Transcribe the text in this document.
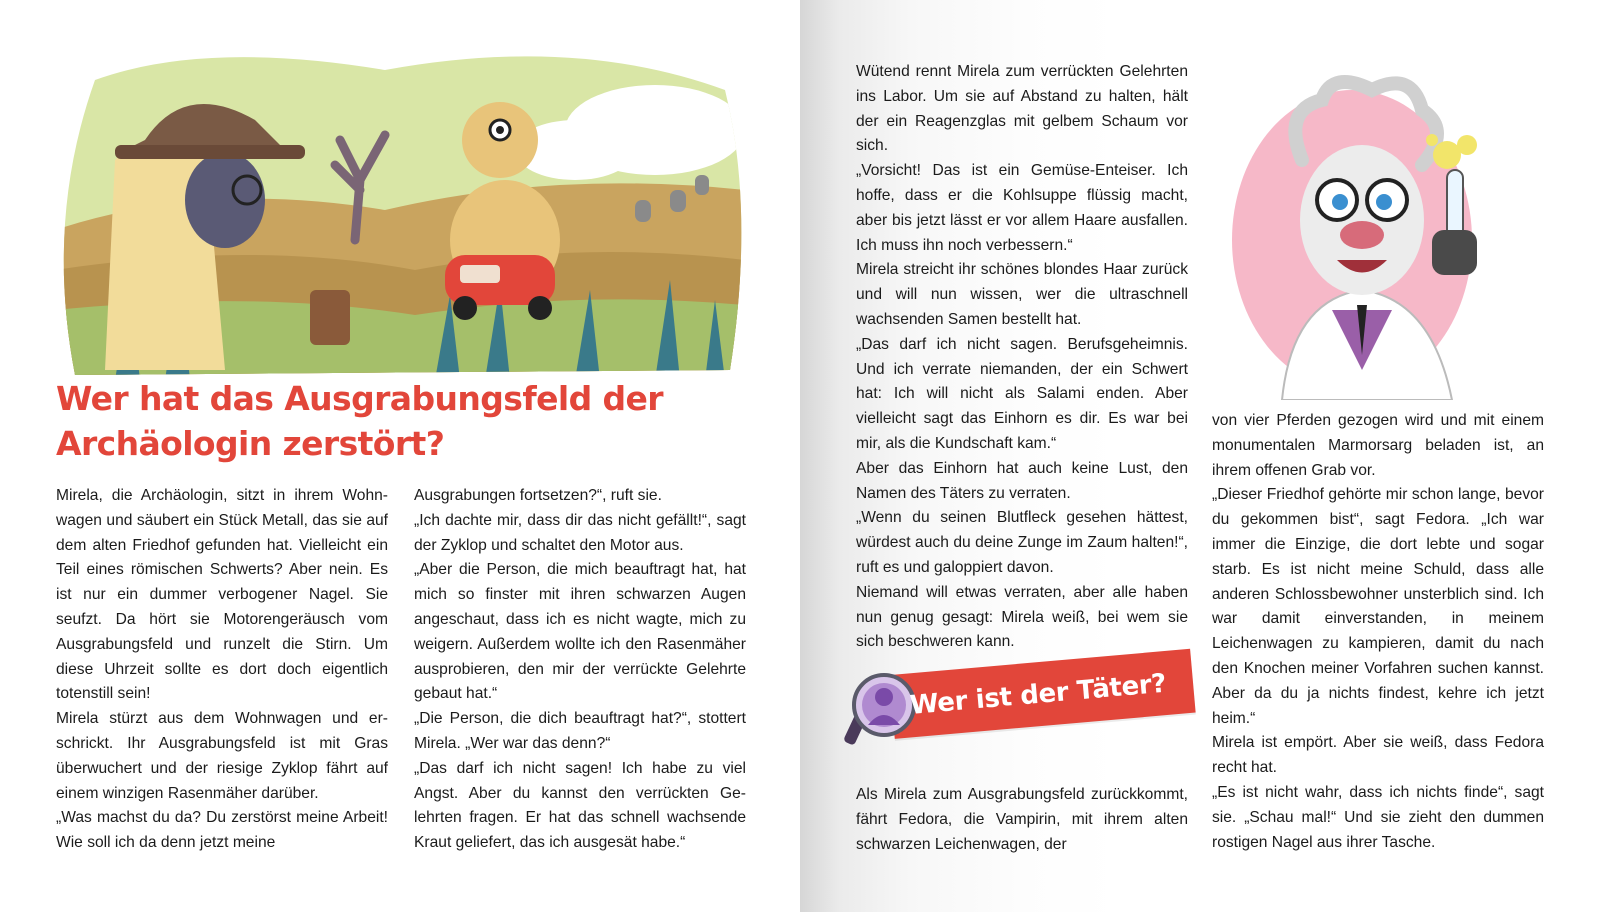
Wer hat das Ausgrabungsfeld der
Archäologin zerstört?

Mirela, die Archäologin, sitzt in ihrem Wohnwagen und säubert ein Stück Metall, das sie auf dem alten Friedhof gefunden hat. Vielleicht ein Teil eines römischen Schwerts? Aber nein. Es ist nur ein dummer verbogener Nagel. Sie seufzt. Da hört sie Motorengeräusch vom Ausgrabungsfeld und runzelt die Stirn. Um diese Uhrzeit sollte es dort doch eigentlich totenstill sein!

Mirela stürzt aus dem Wohnwagen und erschrickt. Ihr Ausgrabungsfeld ist mit Gras überwuchert und der riesige Zyklop fährt auf einem winzigen Rasenmäher darüber.

„Was machst du da? Du zerstörst meine Arbeit! Wie soll ich da denn jetzt meine

Ausgrabungen fortsetzen?“, ruft sie.

„Ich dachte mir, dass dir das nicht gefällt!“, sagt der Zyklop und schaltet den Motor aus.

„Aber die Person, die mich beauftragt hat, hat mich so finster mit ihren schwarzen Augen angeschaut, dass ich es nicht wagte, mich zu weigern. Außerdem wollte ich den Rasenmäher ausprobieren, den mir der verrückte Gelehrte gebaut hat.“

„Die Person, die dich beauftragt hat?“, stottert Mirela. „Wer war das denn?“

„Das darf ich nicht sagen! Ich habe zu viel Angst. Aber du kannst den verrückten Gelehrten fragen. Er hat das schnell wachsende Kraut geliefert, das ich ausgesät habe.“

Wütend rennt Mirela zum verrückten Gelehrten ins Labor. Um sie auf Abstand zu halten, hält der ein Reagenzglas mit gelbem Schaum vor sich.

„Vorsicht! Das ist ein Gemüse-Enteiser. Ich hoffe, dass er die Kohlsuppe flüssig macht, aber bis jetzt lässt er vor allem Haare ausfallen. Ich muss ihn noch verbessern.“

Mirela streicht ihr schönes blondes Haar zurück und will nun wissen, wer die ultraschnell wachsenden Samen bestellt hat.

„Das darf ich nicht sagen. Berufsgeheimnis. Und ich verrate niemanden, der ein Schwert hat: Ich will nicht als Salami enden. Aber vielleicht sagt das Einhorn es dir. Es war bei mir, als die Kundschaft kam.“

Aber das Einhorn hat auch keine Lust, den Namen des Täters zu verraten.

„Wenn du seinen Blutfleck gesehen hättest, würdest auch du deine Zunge im Zaum halten!“, ruft es und galoppiert davon.

Niemand will etwas verraten, aber alle haben nun genug gesagt: Mirela weiß, bei wem sie sich beschweren kann.

Wer ist der Täter?

Als Mirela zum Ausgrabungsfeld zurückkommt, fährt Fedora, die Vampirin, mit ihrem alten schwarzen Leichenwagen, der

von vier Pferden gezogen wird und mit einem monumentalen Marmorsarg beladen ist, an ihrem offenen Grab vor.

„Dieser Friedhof gehörte mir schon lange, bevor du gekommen bist“, sagt Fedora. „Ich war immer die Einzige, die dort lebte und sogar starb. Es ist nicht meine Schuld, dass alle anderen Schlossbewohner unsterblich sind. Ich war damit einverstanden, in meinem Leichenwagen zu kampieren, damit du nach den Knochen meiner Vorfahren suchen kannst. Aber da du ja nichts findest, kehre ich jetzt heim.“

Mirela ist empört. Aber sie weiß, dass Fedora recht hat.

„Es ist nicht wahr, dass ich nichts finde“, sagt sie. „Schau mal!“ Und sie zieht den dummen rostigen Nagel aus ihrer Tasche.
